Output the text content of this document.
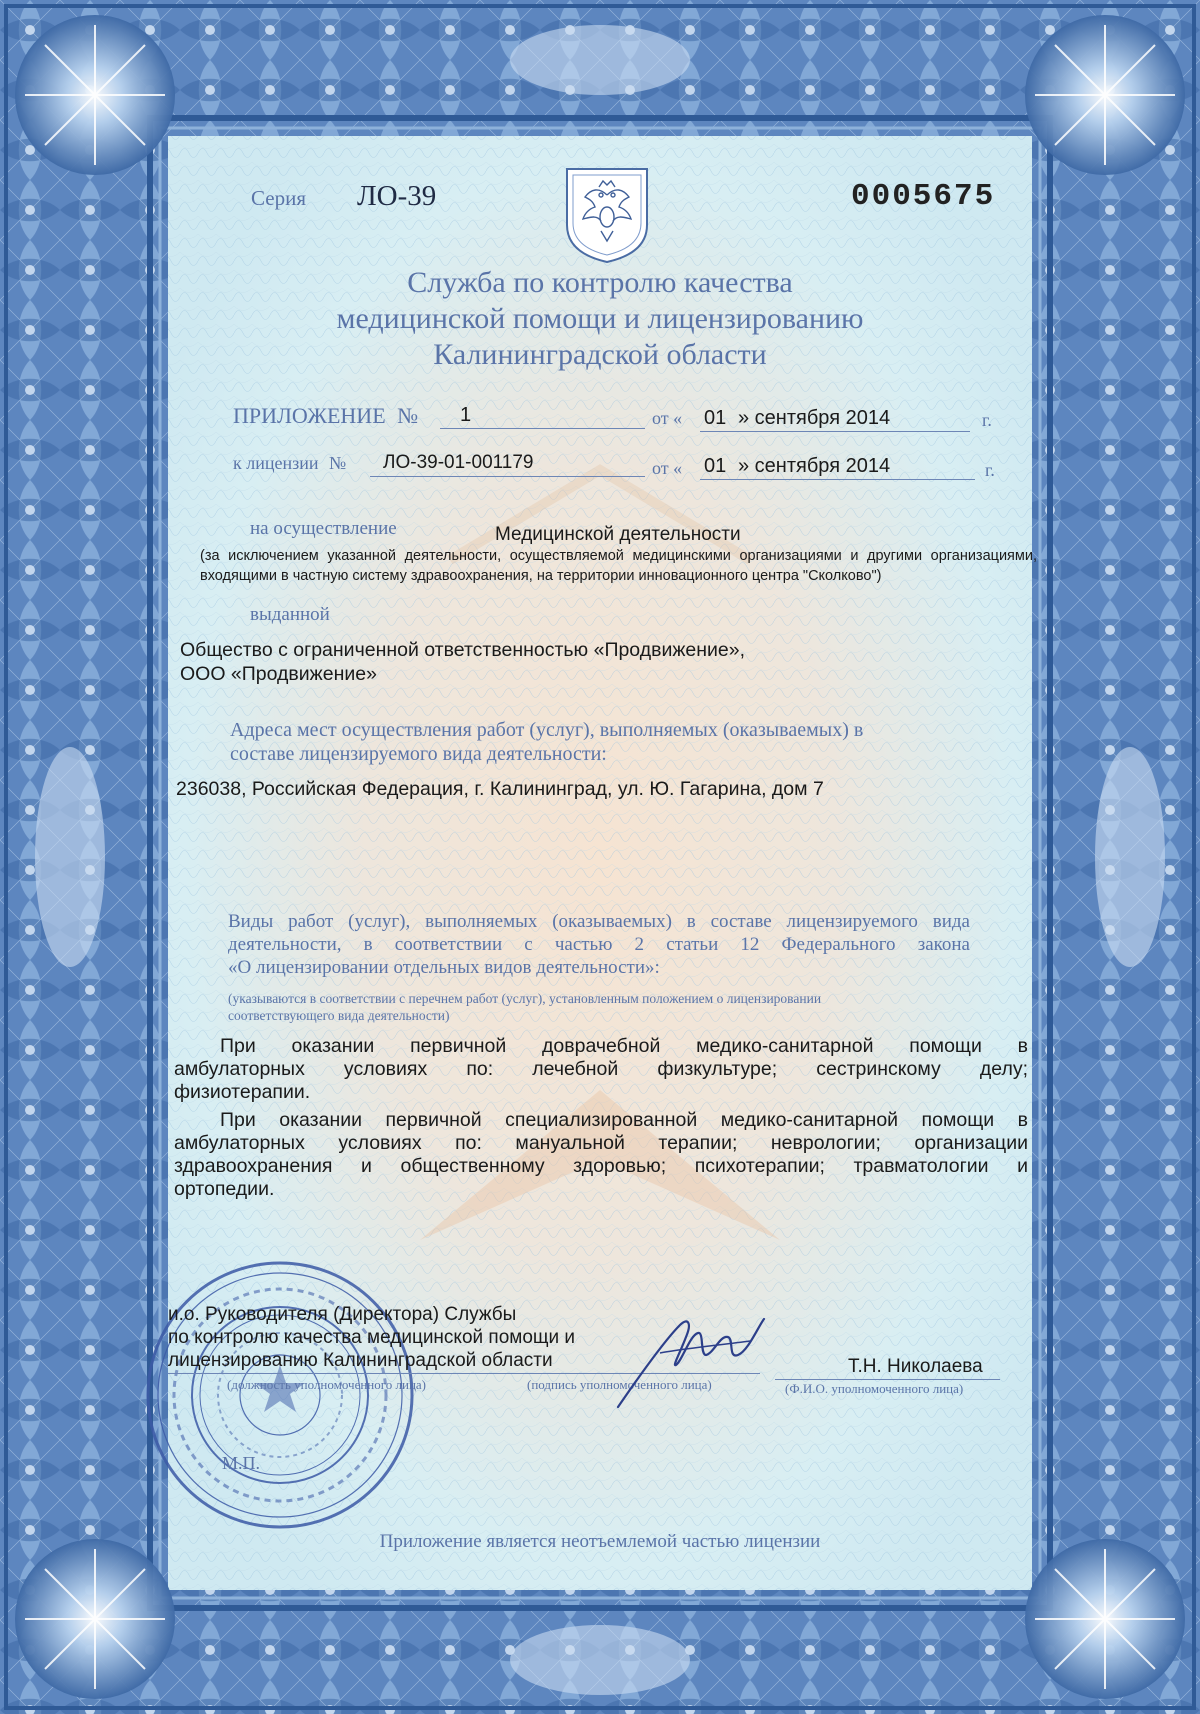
Серия ЛО-39	0005675
Служба по контролю качества
медицинской помощи и лицензированию
Калининградской области
ПРИЛОЖЕНИЕ № 1	от « 01 » сентября 2014	г.
к лицензии № ЛО-39-01-001179	от « 01 » сентября 2014	г.
на осуществление	Медицинской деятельности
(за исключением указанной деятельности, осуществляемой медицинскими организациями и другими организациями, входящими в частную систему здравоохранения, на территории инновационного центра "Сколково")
выданной
Общество с ограниченной ответственностью «Продвижение»,
ООО «Продвижение»
Адреса мест осуществления работ (услуг), выполняемых (оказываемых) в
составе лицензируемого вида деятельности:
236038, Российская Федерация, г. Калининград, ул. Ю. Гагарина, дом 7
Виды работ (услуг), выполняемых (оказываемых) в составе лицензируемого вида
деятельности, в соответствии с частью 2 статьи 12 Федерального закона
«О лицензировании отдельных видов деятельности»:
(указываются в соответствии с перечнем работ (услуг), установленным положением о лицензировании
соответствующего вида деятельности)
При оказании первичной доврачебной медико-санитарной помощи в
амбулаторных условиях по: лечебной физкультуре; сестринскому делу;
физиотерапии.
При оказании первичной специализированной медико-санитарной помощи в
амбулаторных условиях по: мануальной терапии; неврологии; организации
здравоохранения и общественному здоровью; психотерапии; травматологии и
ортопедии.
и.о. Руководителя (Директора) Службы
по контролю качества медицинской помощи и
лицензированию Калининградской области
(должность уполномоченного лица)	(подпись уполномоченного лица)
Т.Н. Николаева
(Ф.И.О. уполномоченного лица)
М.П.
Приложение является неотъемлемой частью лицензии
